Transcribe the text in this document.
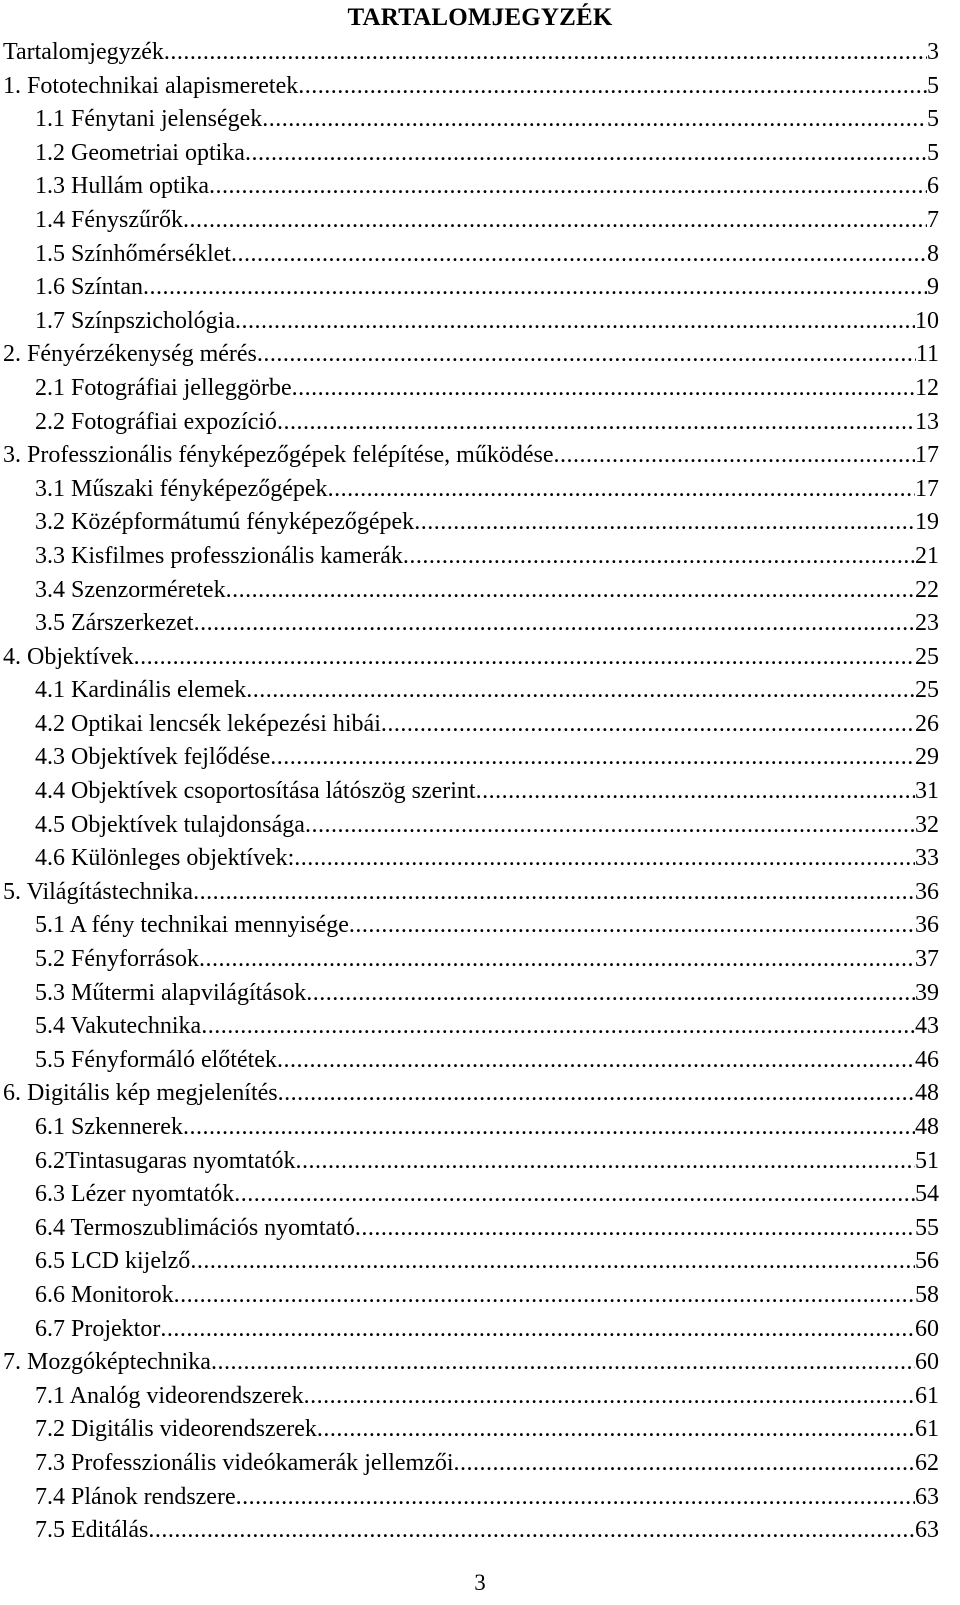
TARTALOMJEGYZÉK
Tartalomjegyzék .....	3
1. Fototechnikai alapismeretek .....	5
1.1 Fénytani jelenségek .....	5
1.2 Geometriai optika .....	5
1.3 Hullám optika .....	6
1.4 Fényszűrők .....	7
1.5 Színhőmérséklet .....	8
1.6 Színtan .....	9
1.7 Színpszichológia .....	10
2. Fényérzékenység mérés .....	11
2.1 Fotográfiai jelleggörbe .....	12
2.2 Fotográfiai expozíció .....	13
3. Professzionális fényképezőgépek felépítése, működése .....	17
3.1 Műszaki fényképezőgépek .....	17
3.2 Középformátumú fényképezőgépek .....	19
3.3 Kisfilmes professzionális kamerák .....	21
3.4 Szenzorméretek .....	22
3.5 Zárszerkezet .....	23
4. Objektívek .....	25
4.1 Kardinális elemek .....	25
4.2 Optikai lencsék leképezési hibái .....	26
4.3 Objektívek fejlődése .....	29
4.4 Objektívek csoportosítása látószög szerint .....	31
4.5 Objektívek tulajdonsága .....	32
4.6 Különleges objektívek: .....	33
5. Világítástechnika .....	36
5.1 A fény technikai mennyisége .....	36
5.2 Fényforrások .....	37
5.3 Műtermi alapvilágítások .....	39
5.4 Vakutechnika .....	43
5.5 Fényformáló előtétek .....	46
6. Digitális kép megjelenítés .....	48
6.1 Szkennerek .....	48
6.2Tintasugaras nyomtatók .....	51
6.3 Lézer nyomtatók .....	54
6.4 Termoszublimációs nyomtató .....	55
6.5 LCD kijelző .....	56
6.6 Monitorok .....	58
6.7 Projektor .....	60
7. Mozgóképtechnika .....	60
7.1 Analóg videorendszerek .....	61
7.2 Digitális videorendszerek .....	61
7.3 Professzionális videókamerák jellemzői .....	62
7.4 Plánok rendszere .....	63
7.5 Editálás .....	63
3
